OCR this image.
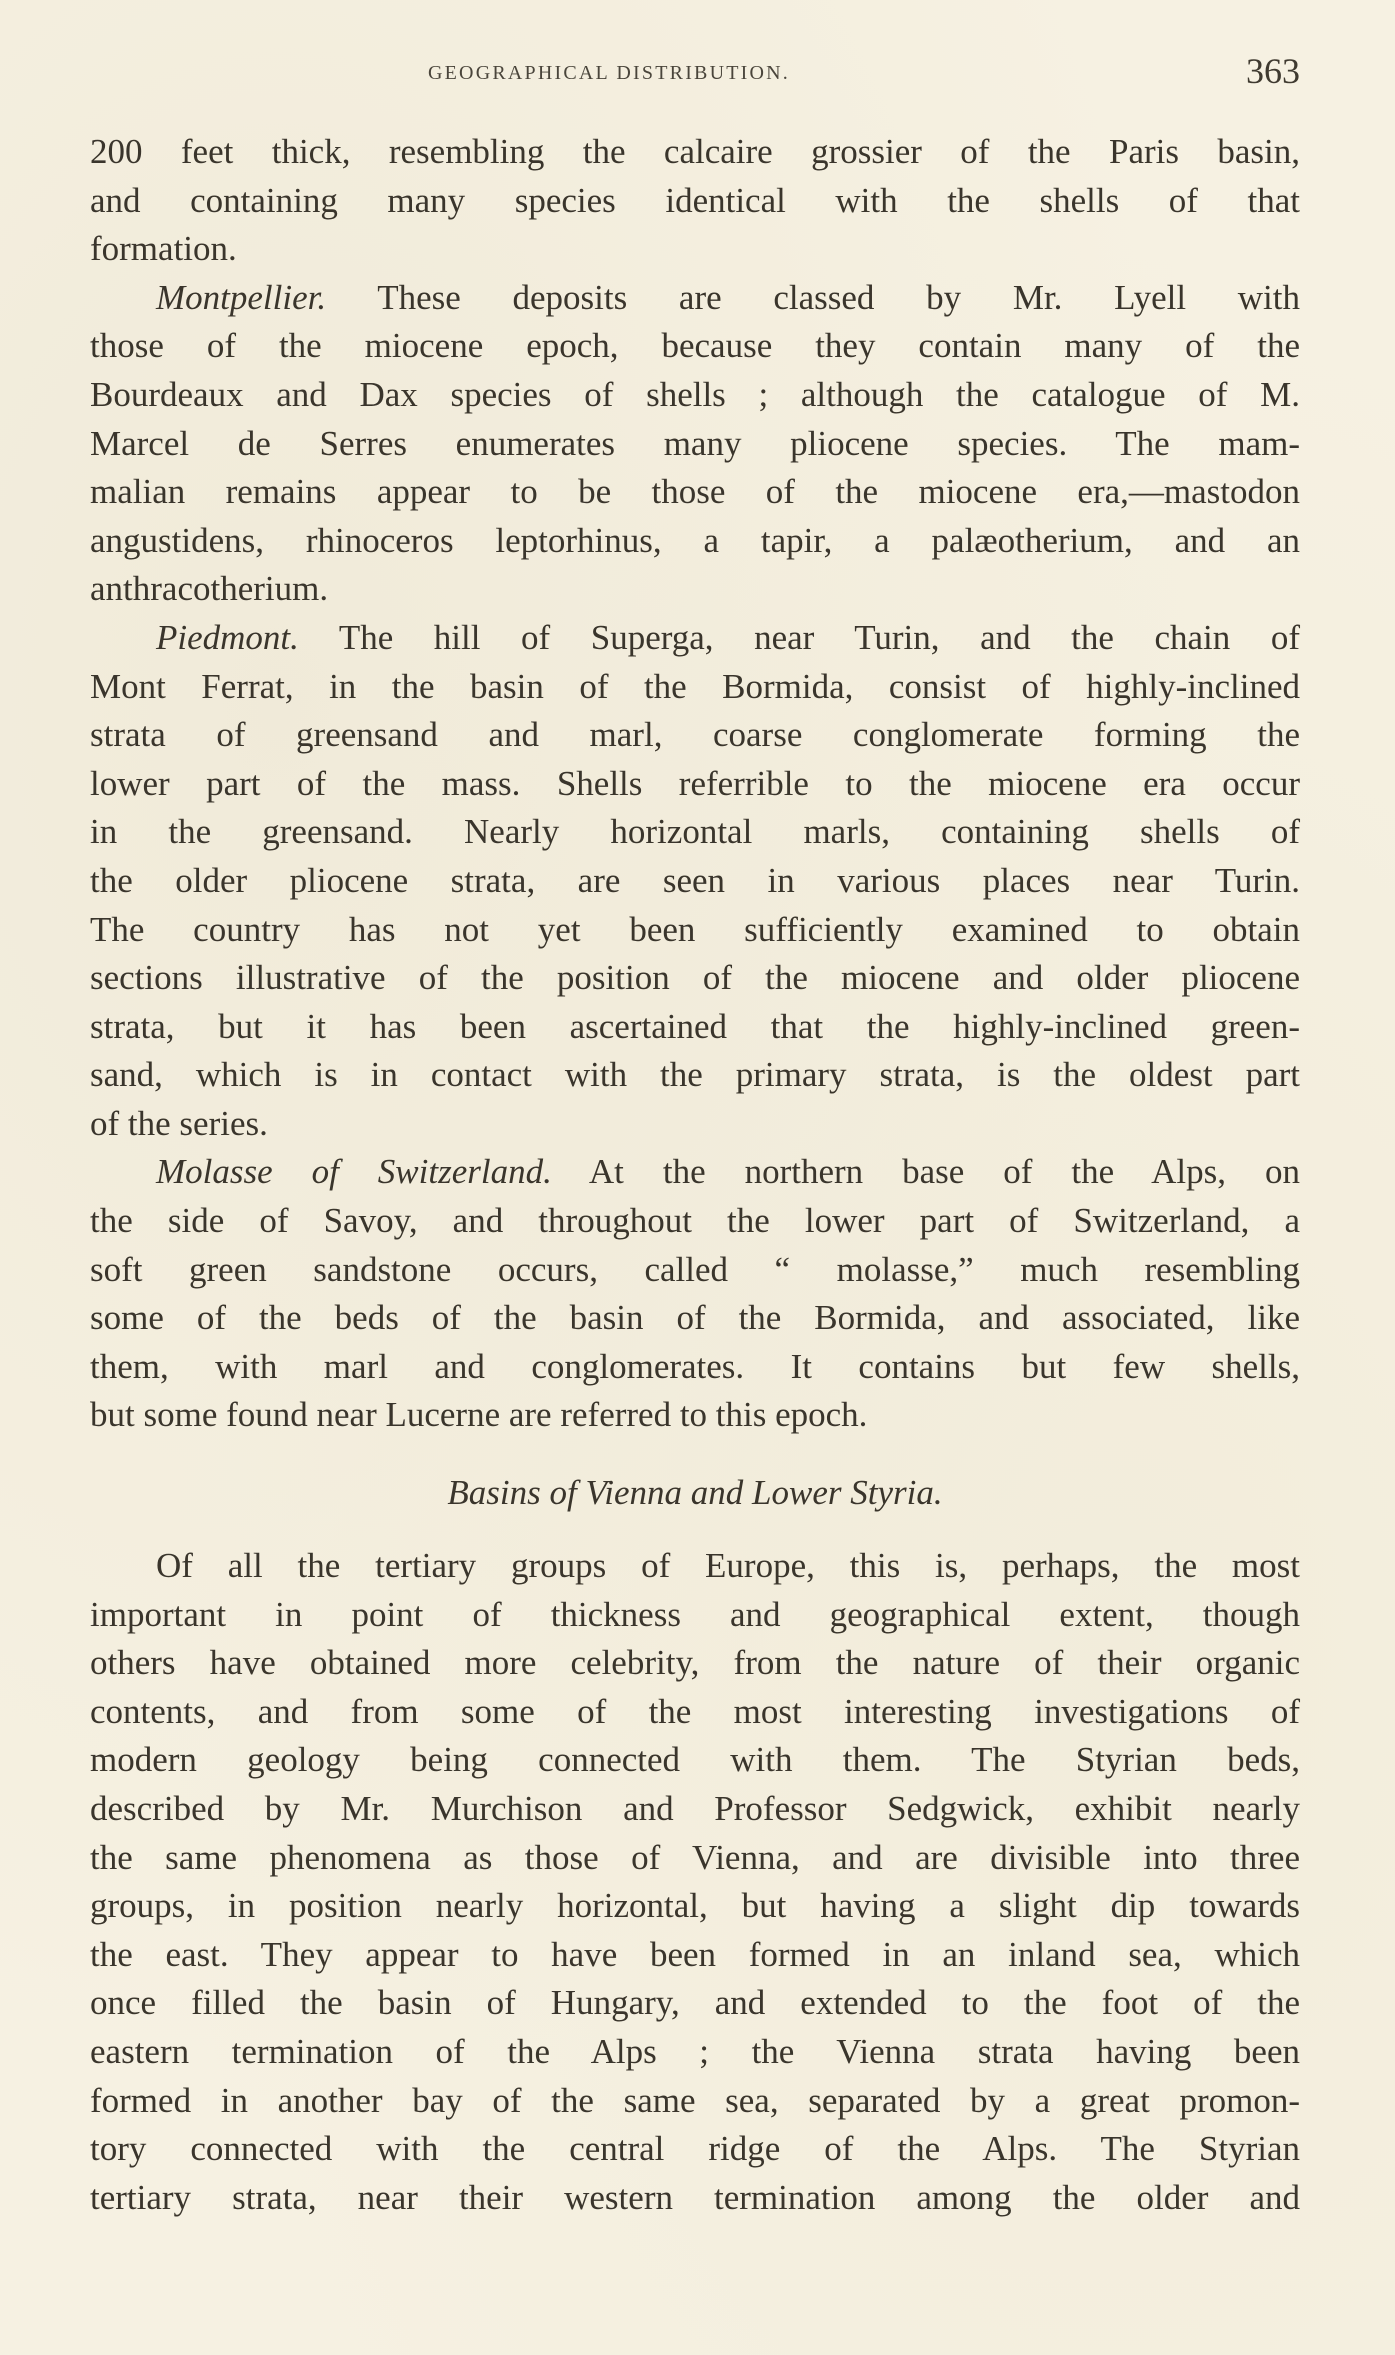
GEOGRAPHICAL DISTRIBUTION.	363
200 feet thick, resembling the calcaire grossier of the Paris basin,
and containing many species identical with the shells of that
formation.
Montpellier. These deposits are classed by Mr. Lyell with
those of the miocene epoch, because they contain many of the
Bourdeaux and Dax species of shells ; although the catalogue of M.
Marcel de Serres enumerates many pliocene species. The mam-
malian remains appear to be those of the miocene era,—mastodon
angustidens, rhinoceros leptorhinus, a tapir, a palæotherium, and an
anthracotherium.
Piedmont. The hill of Superga, near Turin, and the chain of
Mont Ferrat, in the basin of the Bormida, consist of highly-inclined
strata of greensand and marl, coarse conglomerate forming the
lower part of the mass. Shells referrible to the miocene era occur
in the greensand. Nearly horizontal marls, containing shells of
the older pliocene strata, are seen in various places near Turin.
The country has not yet been sufficiently examined to obtain
sections illustrative of the position of the miocene and older pliocene
strata, but it has been ascertained that the highly-inclined green-
sand, which is in contact with the primary strata, is the oldest part
of the series.
Molasse of Switzerland. At the northern base of the Alps, on
the side of Savoy, and throughout the lower part of Switzerland, a
soft green sandstone occurs, called “ molasse,” much resembling
some of the beds of the basin of the Bormida, and associated, like
them, with marl and conglomerates. It contains but few shells,
but some found near Lucerne are referred to this epoch.
Basins of Vienna and Lower Styria.
Of all the tertiary groups of Europe, this is, perhaps, the most
important in point of thickness and geographical extent, though
others have obtained more celebrity, from the nature of their organic
contents, and from some of the most interesting investigations of
modern geology being connected with them. The Styrian beds,
described by Mr. Murchison and Professor Sedgwick, exhibit nearly
the same phenomena as those of Vienna, and are divisible into three
groups, in position nearly horizontal, but having a slight dip towards
the east. They appear to have been formed in an inland sea, which
once filled the basin of Hungary, and extended to the foot of the
eastern termination of the Alps ; the Vienna strata having been
formed in another bay of the same sea, separated by a great promon-
tory connected with the central ridge of the Alps. The Styrian
tertiary strata, near their western termination among the older and
